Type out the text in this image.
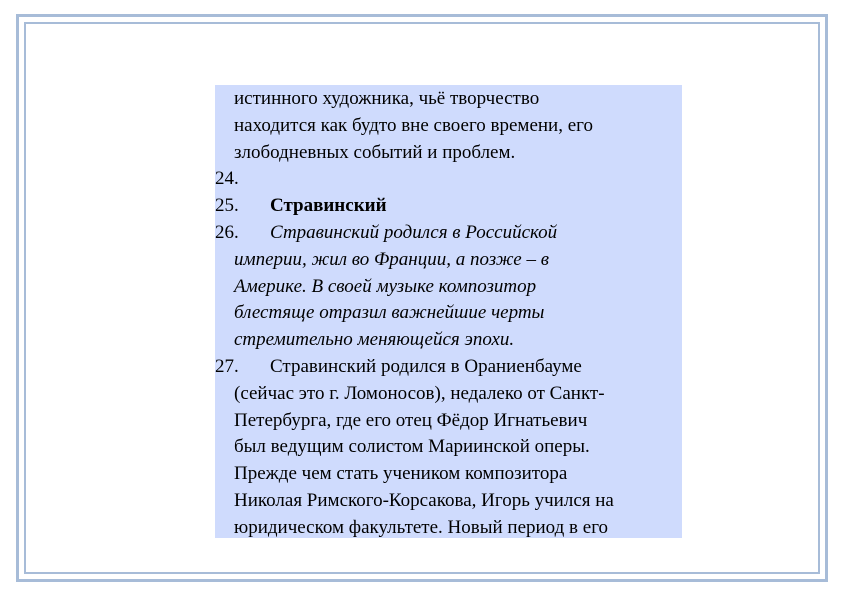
истинного художника, чьё творчество
находится как будто вне своего времени, его
злободневных событий и проблем.
24.

25.	Стравинский
26.	Стравинский родился в Российской
империи, жил во Франции, а позже – в
Америке. В своей музыке композитор
блестяще отразил важнейшие черты
стремительно меняющейся эпохи.
27.	Стравинский родился в Ораниенбауме
(сейчас это г. Ломоносов), недалеко от Санкт-
Петербурга, где его отец Фёдор Игнатьевич
был ведущим солистом Мариинской оперы.
Прежде чем стать учеником композитора
Николая Римского-Корсакова, Игорь учился на
юридическом факультете. Новый период в его
